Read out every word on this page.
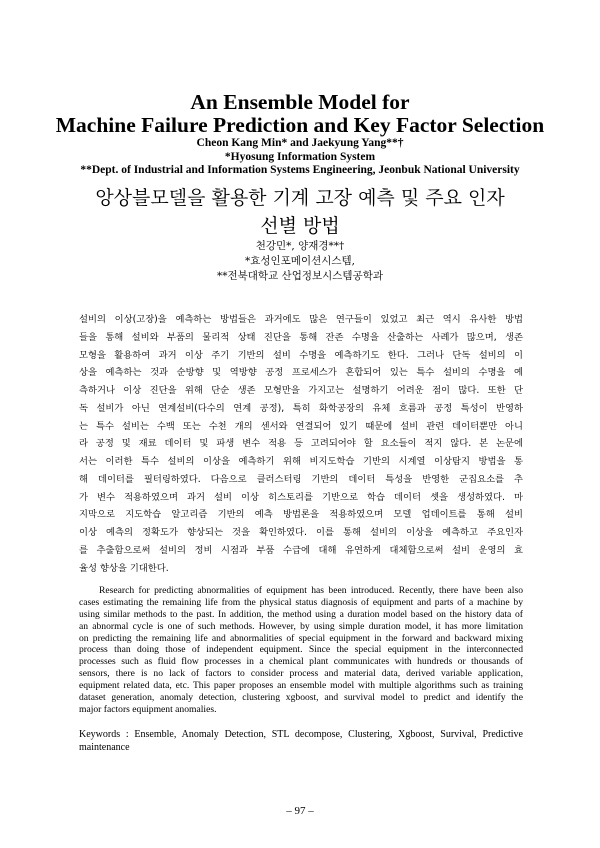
An Ensemble Model for
Machine Failure Prediction and Key Factor Selection
Cheon Kang Min* and Jaekyung Yang**†
*Hyosung Information System
**Dept. of Industrial and Information Systems Engineering, Jeonbuk National University
앙상블모델을 활용한 기계 고장 예측 및 주요 인자
선별 방법
천강민*, 양재경**†
*효성인포메이션시스템,
**전북대학교 산업정보시스템공학과
설비의 이상(고장)을 예측하는 방법들은 과거에도 많은 연구들이 있었고 최근 역시 유사한 방법
들을 통해 설비와 부품의 물리적 상태 진단을 통해 잔존 수명을 산출하는 사례가 많으며, 생존
모형을 활용하여 과거 이상 주기 기반의 설비 수명을 예측하기도 한다. 그러나 단독 설비의 이
상을 예측하는 것과 순방향 및 역방향 공정 프로세스가 혼합되어 있는 특수 설비의 수명을 예
측하거나 이상 진단을 위해 단순 생존 모형만을 가지고는 설명하기 어려운 점이 많다. 또한 단
독 설비가 아닌 연계설비(다수의 연계 공정), 특히 화학공장의 유체 흐름과 공정 특성이 반영하
는 특수 설비는 수백 또는 수천 개의 센서와 연결되어 있기 때문에 설비 관련 데이터뿐만 아니
라 공정 및 재료 데이터 및 파생 변수 적용 등 고려되어야 할 요소들이 적지 않다. 본 논문에
서는 이러한 특수 설비의 이상을 예측하기 위해 비지도학습 기반의 시계열 이상탐지 방법을 통
해 데이터를 필터링하였다. 다음으로 클러스터링 기반의 데이터 특성을 반영한 군집요소를 추
가 변수 적용하였으며 과거 설비 이상 히스토리를 기반으로 학습 데이터 셋을 생성하였다. 마
지막으로 지도학습 알고리즘 기반의 예측 방법론을 적용하였으며 모델 업데이트를 통해 설비
이상 예측의 정확도가 향상되는 것을 확인하였다. 이를 통해 설비의 이상을 예측하고 주요인자
를 추출함으로써 설비의 정비 시점과 부품 수급에 대해 유연하게 대체함으로써 설비 운영의 효
율성 향상을 기대한다.
Research for predicting abnormalities of equipment has been introduced. Recently, there have been also
cases estimating the remaining life from the physical status diagnosis of equipment and parts of a machine by
using similar methods to the past. In addition, the method using a duration model based on the history data of
an abnormal cycle is one of such methods. However, by using simple duration model, it has more limitation
on predicting the remaining life and abnormalities of special equipment in the forward and backward mixing
process than doing those of independent equipment. Since the special equipment in the interconnected
processes such as fluid flow processes in a chemical plant communicates with hundreds or thousands of
sensors, there is no lack of factors to consider process and material data, derived variable application,
equipment related data, etc. This paper proposes an ensemble model with multiple algorithms such as training
dataset generation, anomaly detection, clustering xgboost, and survival model to predict and identify the
major factors equipment anomalies.
Keywords : Ensemble, Anomaly Detection, STL decompose, Clustering, Xgboost, Survival, Predictive
maintenance
– 97 –
